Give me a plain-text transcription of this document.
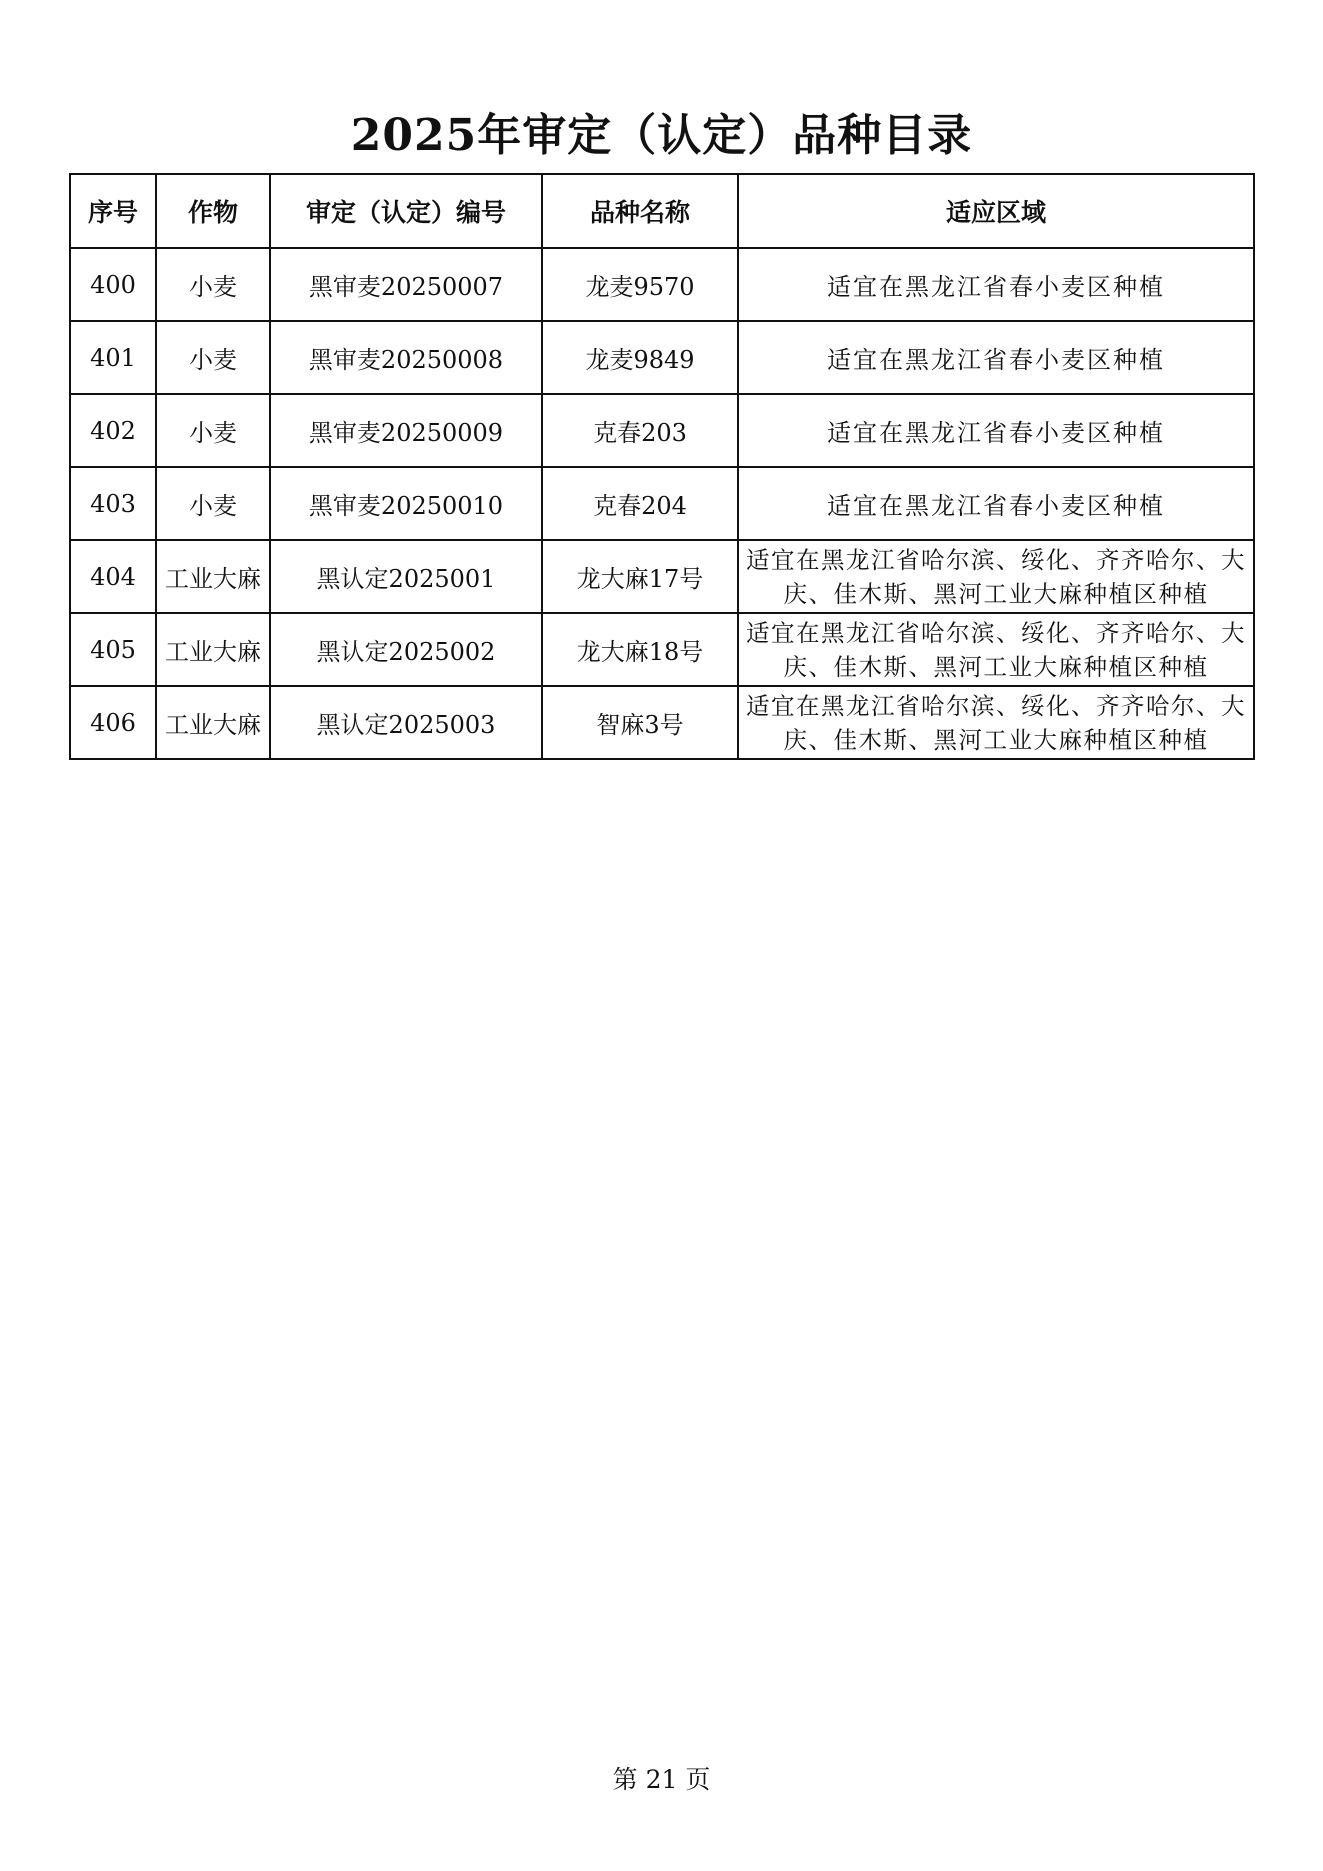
2025年审定（认定）品种目录
序号	作物	审定（认定）编号	品种名称	适应区域
400	小麦	黑审麦20250007	龙麦9570	适宜在黑龙江省春小麦区种植
401	小麦	黑审麦20250008	龙麦9849	适宜在黑龙江省春小麦区种植
402	小麦	黑审麦20250009	克春203	适宜在黑龙江省春小麦区种植
403	小麦	黑审麦20250010	克春204	适宜在黑龙江省春小麦区种植
404	工业大麻	黑认定2025001	龙大麻17号	适宜在黑龙江省哈尔滨、绥化、齐齐哈尔、大庆、佳木斯、黑河工业大麻种植区种植
405	工业大麻	黑认定2025002	龙大麻18号	适宜在黑龙江省哈尔滨、绥化、齐齐哈尔、大庆、佳木斯、黑河工业大麻种植区种植
406	工业大麻	黑认定2025003	智麻3号	适宜在黑龙江省哈尔滨、绥化、齐齐哈尔、大庆、佳木斯、黑河工业大麻种植区种植
第 21 页
